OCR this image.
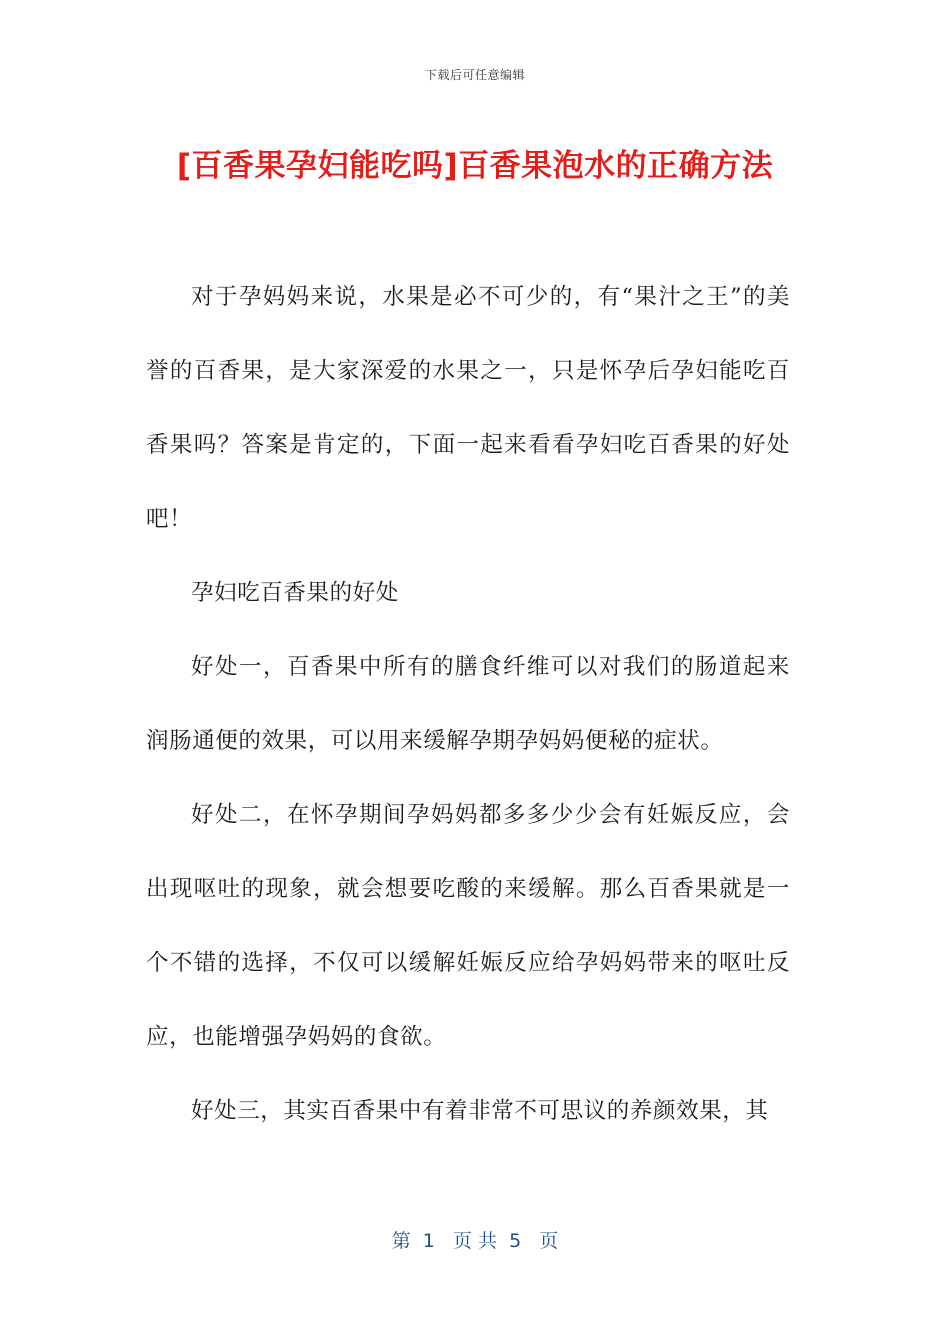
下载后可任意编辑
[百香果孕妇能吃吗]百香果泡水的正确方法

对于孕妈妈来说，水果是必不可少的，有“果汁之王”的美誉的百香果，是大家深爱的水果之一，只是怀孕后孕妇能吃百香果吗？答案是肯定的，下面一起来看看孕妇吃百香果的好处吧！

孕妇吃百香果的好处

好处一，百香果中所有的膳食纤维可以对我们的肠道起来润肠通便的效果，可以用来缓解孕期孕妈妈便秘的症状。

好处二，在怀孕期间孕妈妈都多多少少会有妊娠反应，会出现呕吐的现象，就会想要吃酸的来缓解。那么百香果就是一个不错的选择，不仅可以缓解妊娠反应给孕妈妈带来的呕吐反应，也能增强孕妈妈的食欲。

好处三，其实百香果中有着非常不可思议的养颜效果，其

第  1   页 共  5   页
